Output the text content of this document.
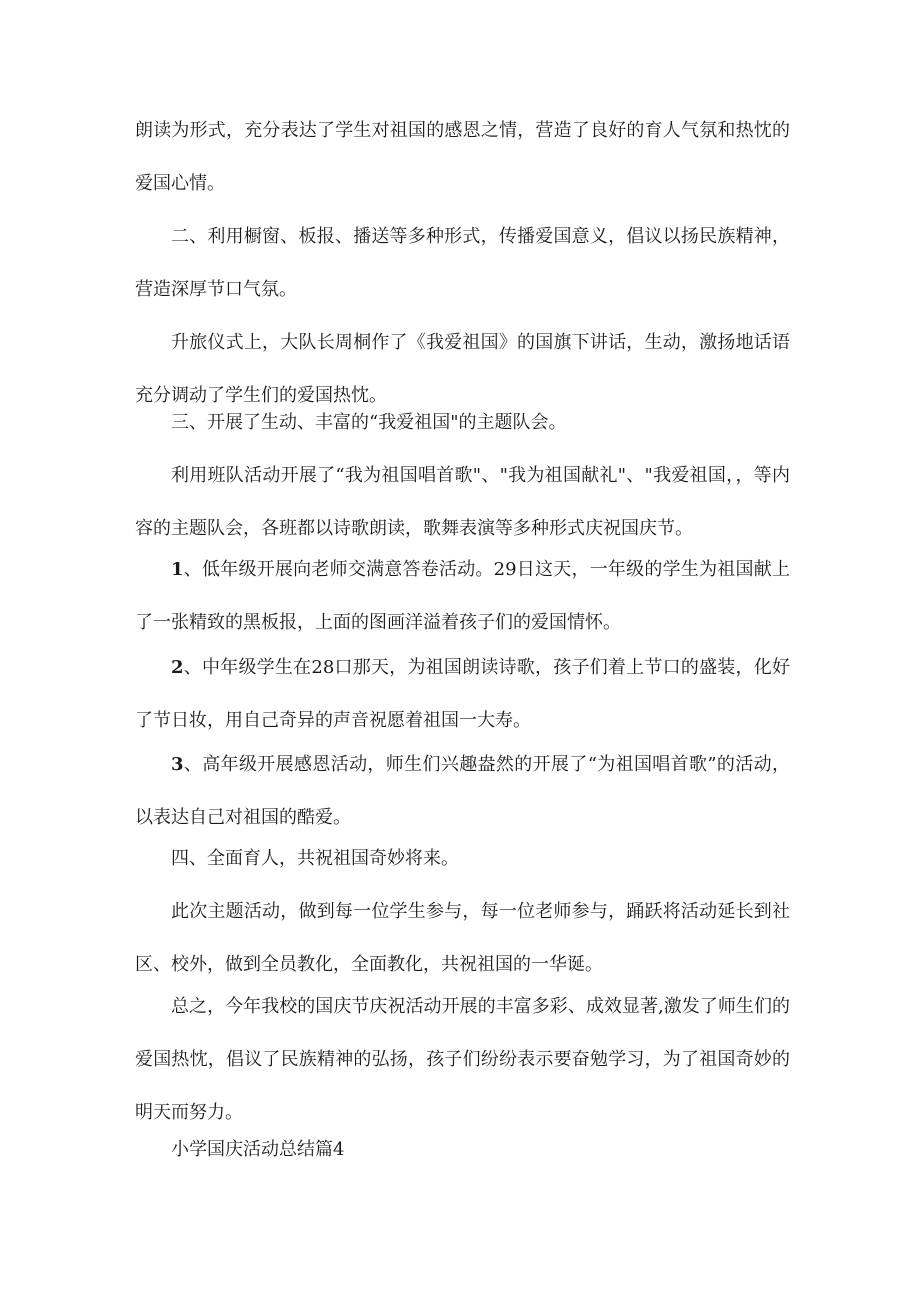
朗读为形式，充分表达了学生对祖国的感恩之情，营造了良好的育人气氛和热忱的爱国心情。

二、利用橱窗、板报、播送等多种形式，传播爱国意义，倡议以扬民族精神，营造深厚节口气氛。

升旅仪式上，大队长周桐作了《我爱祖国》的国旗下讲话，生动，激扬地话语充分调动了学生们的爱国热忱。

三、开展了生动、丰富的“我爱祖国"的主题队会。

利用班队活动开展了“我为祖国唱首歌"、"我为祖国献礼"、"我爱祖国，，等内容的主题队会，各班都以诗歌朗读，歌舞表演等多种形式庆祝国庆节。

1、低年级开展向老师交满意答卷活动。29日这天，一年级的学生为祖国献上了一张精致的黑板报，上面的图画洋溢着孩子们的爱国情怀。

2、中年级学生在28口那天，为祖国朗读诗歌，孩子们着上节口的盛装，化好了节日妆，用自己奇异的声音祝愿着祖国一大寿。

3、高年级开展感恩活动，师生们兴趣盎然的开展了“为祖国唱首歌”的活动，以表达自己对祖国的酷爱。

四、全面育人，共祝祖国奇妙将来。

此次主题活动，做到每一位学生参与，每一位老师参与，踊跃将活动延长到社区、校外，做到全员教化，全面教化，共祝祖国的一华诞。

总之，今年我校的国庆节庆祝活动开展的丰富多彩、成效显著,激发了师生们的爱国热忱，倡议了民族精神的弘扬，孩子们纷纷表示要奋勉学习，为了祖国奇妙的明天而努力。

小学国庆活动总结篇4
